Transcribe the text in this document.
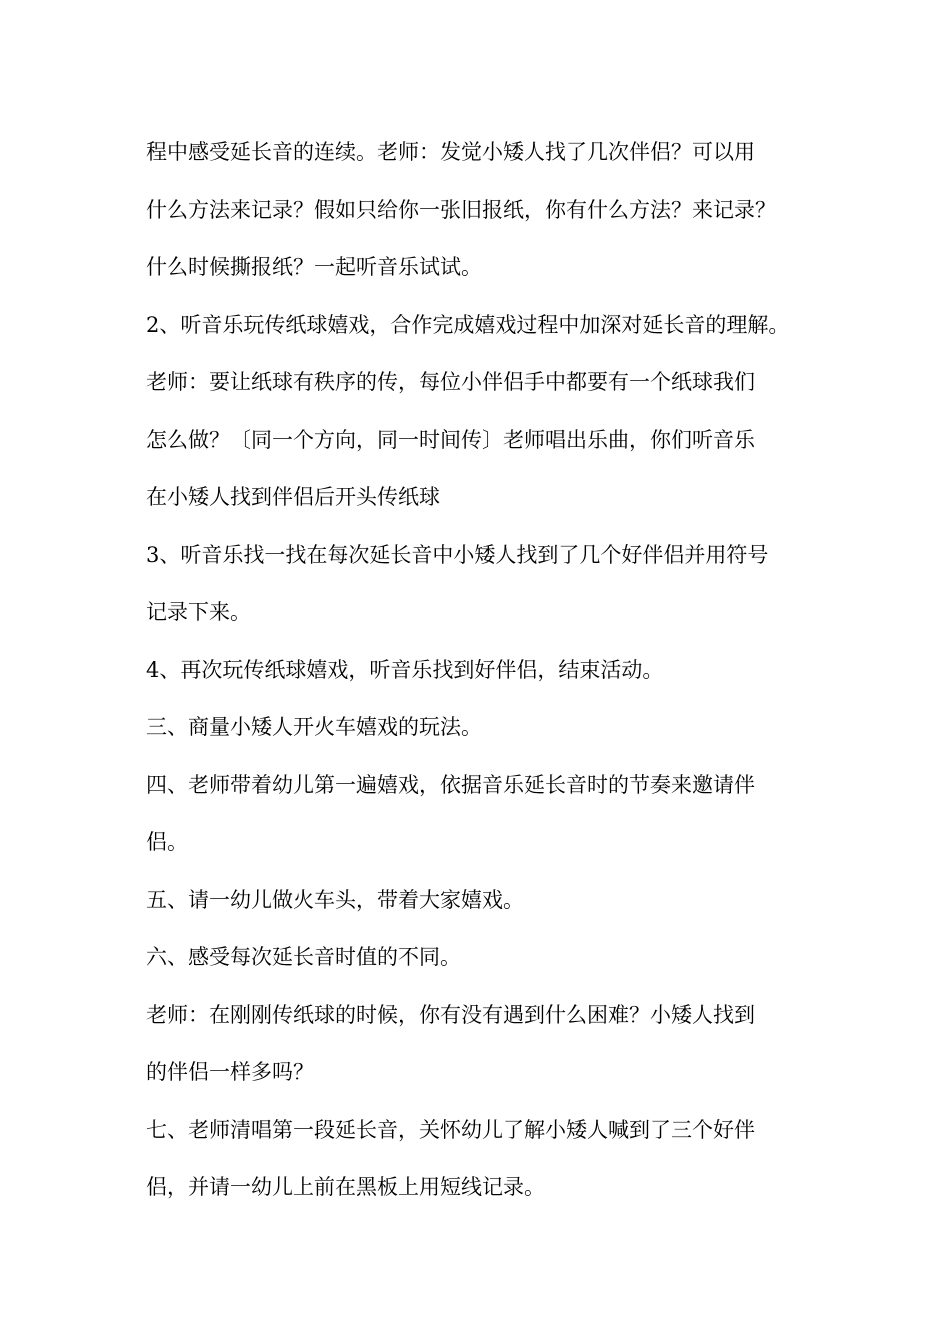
程中感受延长音的连续。老师：发觉小矮人找了几次伴侣？可以用
什么方法来记录？假如只给你一张旧报纸，你有什么方法？来记录？
什么时候撕报纸？一起听音乐试试。
2、听音乐玩传纸球嬉戏，合作完成嬉戏过程中加深对延长音的理解。
老师：要让纸球有秩序的传，每位小伴侣手中都要有一个纸球我们
怎么做？〔同一个方向，同一时间传〕老师唱出乐曲，你们听音乐
在小矮人找到伴侣后开头传纸球
3、听音乐找一找在每次延长音中小矮人找到了几个好伴侣并用符号
记录下来。
4、再次玩传纸球嬉戏，听音乐找到好伴侣，结束活动。
三、商量小矮人开火车嬉戏的玩法。
四、老师带着幼儿第一遍嬉戏，依据音乐延长音时的节奏来邀请伴
侣。
五、请一幼儿做火车头，带着大家嬉戏。
六、感受每次延长音时值的不同。
老师：在刚刚传纸球的时候，你有没有遇到什么困难？小矮人找到
的伴侣一样多吗？
七、老师清唱第一段延长音，关怀幼儿了解小矮人喊到了三个好伴
侣，并请一幼儿上前在黑板上用短线记录。
